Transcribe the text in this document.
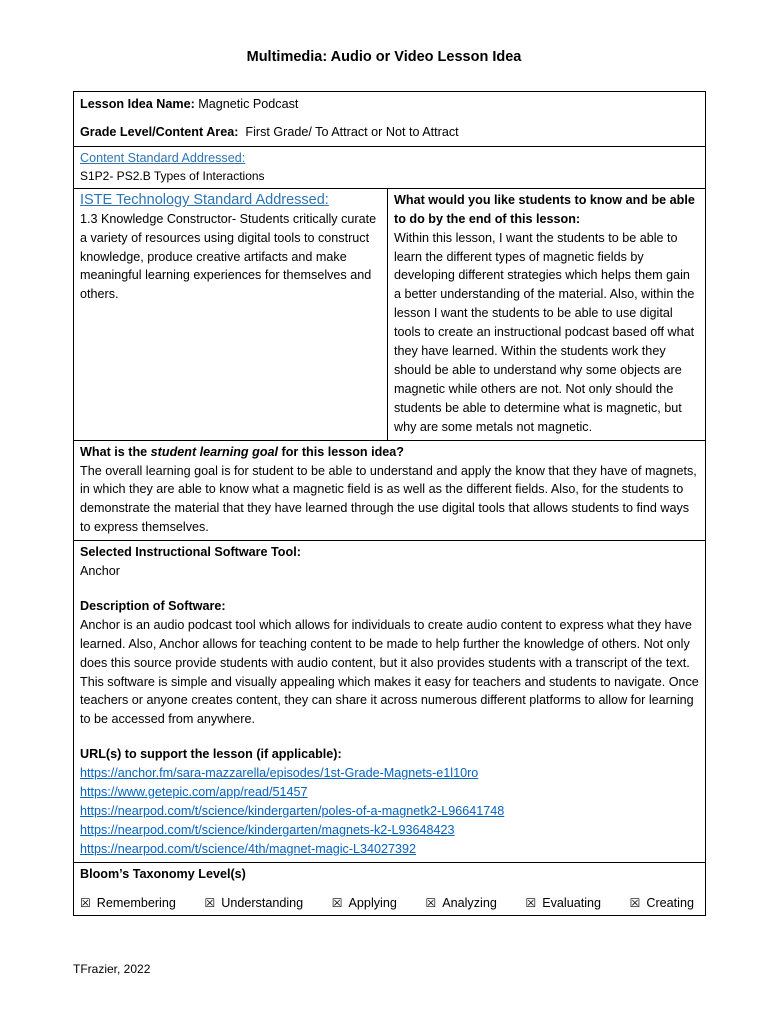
Multimedia: Audio or Video Lesson Idea
Lesson Idea Name: Magnetic Podcast
Grade Level/Content Area:  First Grade/ To Attract or Not to Attract

Content Standard Addressed:
S1P2- PS2.B Types of Interactions

ISTE Technology Standard Addressed:
1.3 Knowledge Constructor- Students critically curate a variety of resources using digital tools to construct knowledge, produce creative artifacts and make meaningful learning experiences for themselves and others.

What would you like students to know and be able to do by the end of this lesson:
Within this lesson, I want the students to be able to learn the different types of magnetic fields by developing different strategies which helps them gain a better understanding of the material. Also, within the lesson I want the students to be able to use digital tools to create an instructional podcast based off what they have learned. Within the students work they should be able to understand why some objects are magnetic while others are not. Not only should the students be able to determine what is magnetic, but why are some metals not magnetic.

What is the student learning goal for this lesson idea?
The overall learning goal is for student to be able to understand and apply the know that they have of magnets, in which they are able to know what a magnetic field is as well as the different fields. Also, for the students to demonstrate the material that they have learned through the use digital tools that allows students to find ways to express themselves.

Selected Instructional Software Tool:
Anchor
Description of Software:
Anchor is an audio podcast tool which allows for individuals to create audio content to express what they have learned. Also, Anchor allows for teaching content to be made to help further the knowledge of others. Not only does this source provide students with audio content, but it also provides students with a transcript of the text. This software is simple and visually appealing which makes it easy for teachers and students to navigate. Once teachers or anyone creates content, they can share it across numerous different platforms to allow for learning to be accessed from anywhere.
URL(s) to support the lesson (if applicable):
https://anchor.fm/sara-mazzarella/episodes/1st-Grade-Magnets-e1l10ro
https://www.getepic.com/app/read/51457
https://nearpod.com/t/science/kindergarten/poles-of-a-magnetk2-L96641748
https://nearpod.com/t/science/kindergarten/magnets-k2-L93648423
https://nearpod.com/t/science/4th/magnet-magic-L34027392

Bloom’s Taxonomy Level(s)
☒ Remembering ☒ Understanding ☒ Applying ☒ Analyzing ☒ Evaluating ☒ Creating
TFrazier, 2022
